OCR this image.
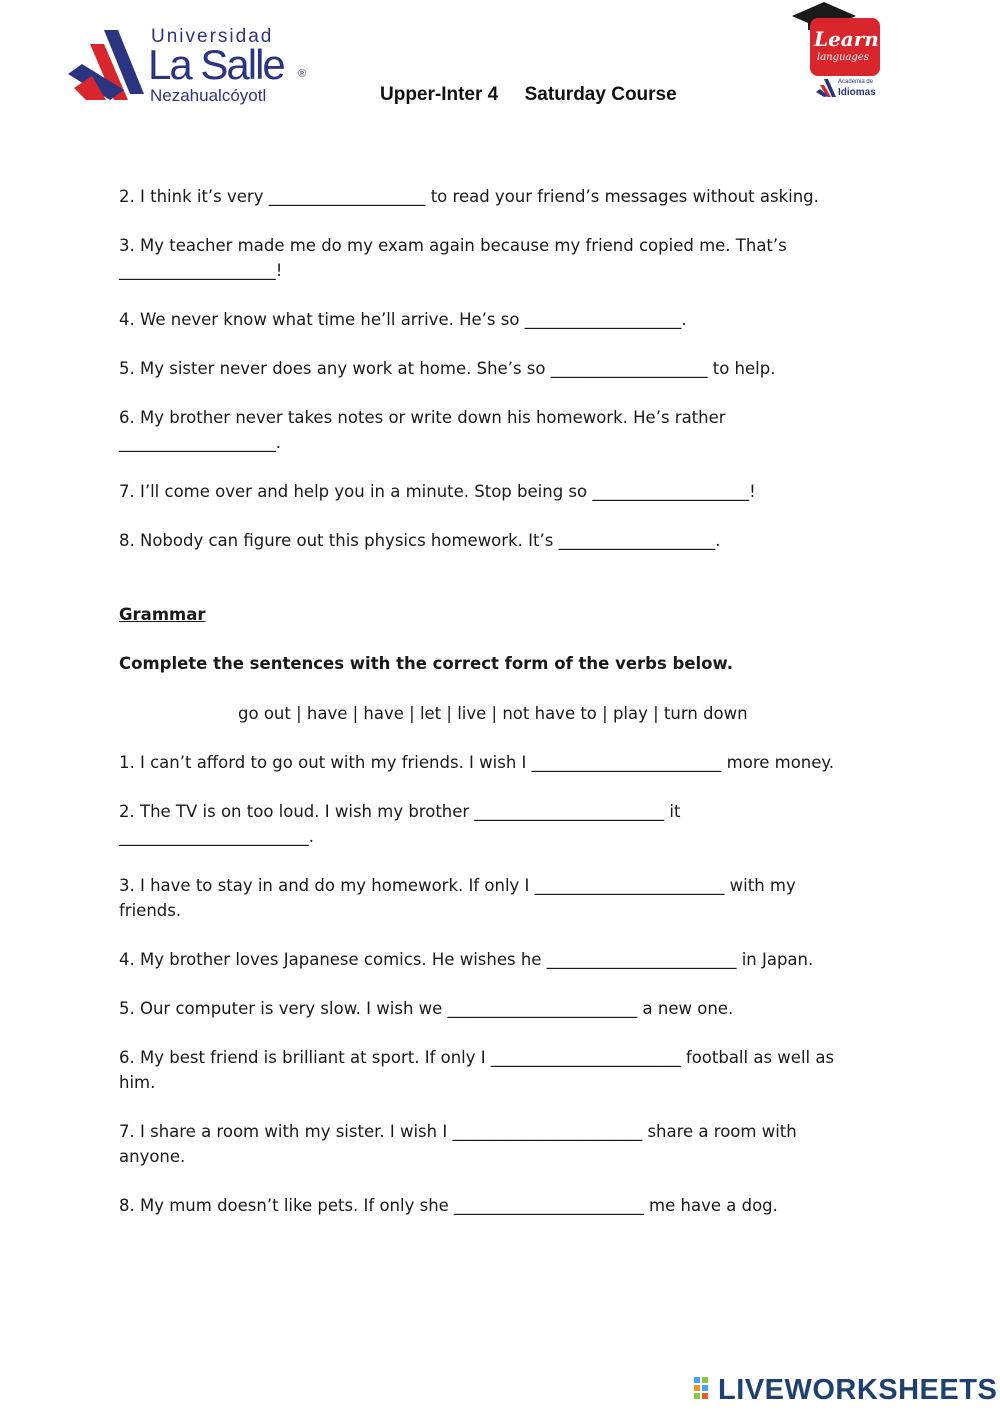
Universidad
La Salle ®
Nezahualcóyotl	Upper-Inter 4     Saturday Course
Learn
languages
Academia de
Idiomas
2. I think it’s very ___________________ to read your friend’s messages without asking.
3. My teacher made me do my exam again because my friend copied me. That’s
___________________!
4. We never know what time he’ll arrive. He’s so ___________________.
5. My sister never does any work at home. She’s so ___________________ to help.
6. My brother never takes notes or write down his homework. He’s rather
___________________.
7. I’ll come over and help you in a minute. Stop being so ___________________!
8. Nobody can figure out this physics homework. It’s ___________________.
Grammar
Complete the sentences with the correct form of the verbs below.
go out | have | have | let | live | not have to | play | turn down
1. I can’t afford to go out with my friends. I wish I _______________________ more money.
2. The TV is on too loud. I wish my brother _______________________ it
_______________________.
3. I have to stay in and do my homework. If only I _______________________ with my
friends.
4. My brother loves Japanese comics. He wishes he _______________________ in Japan.
5. Our computer is very slow. I wish we _______________________ a new one.
6. My best friend is brilliant at sport. If only I _______________________ football as well as
him.
7. I share a room with my sister. I wish I _______________________ share a room with
anyone.
8. My mum doesn’t like pets. If only she _______________________ me have a dog.
LIVEWORKSHEETS
